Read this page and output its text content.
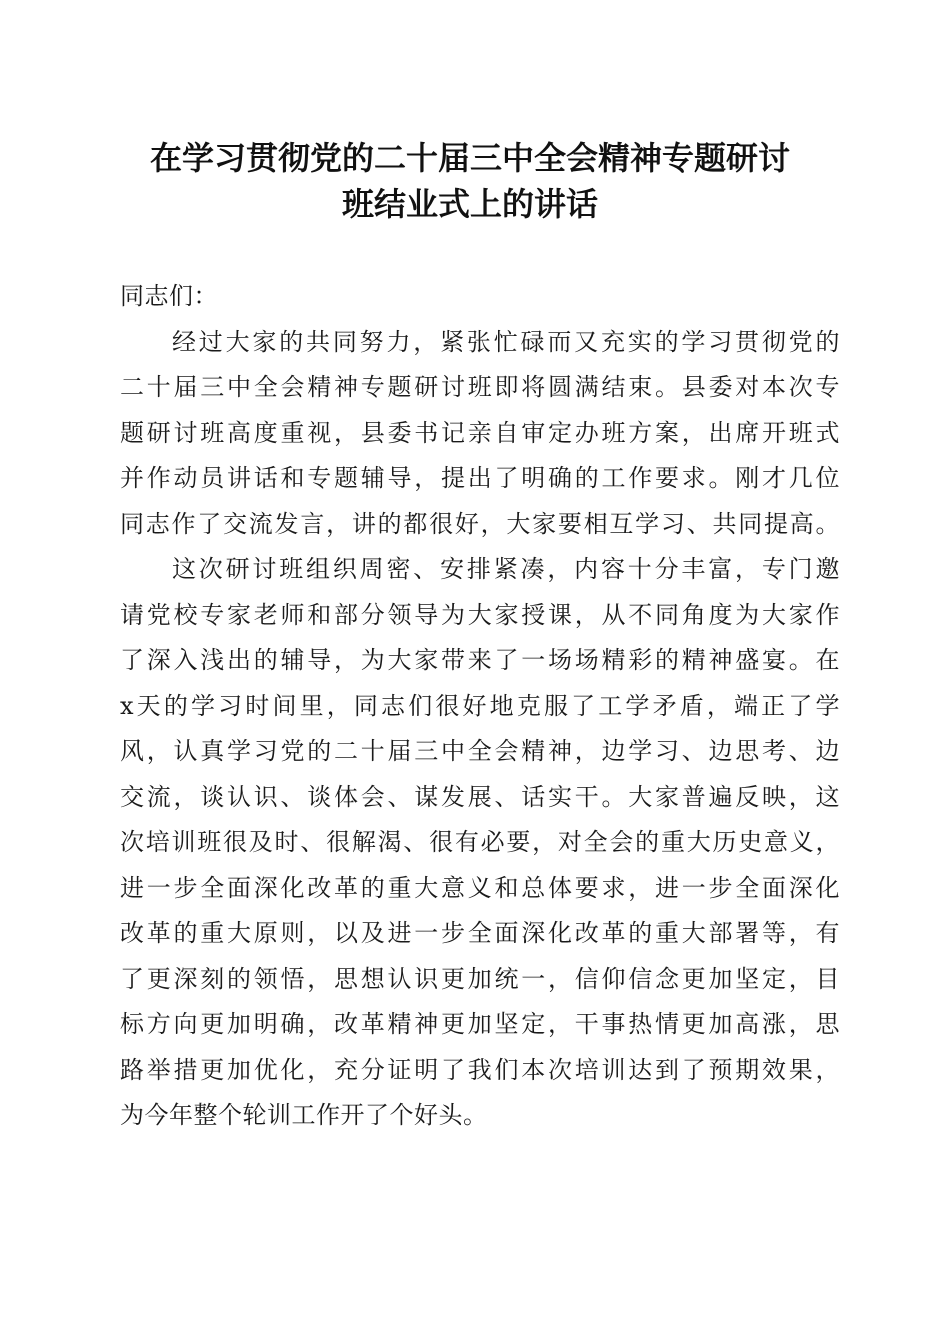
在学习贯彻党的二十届三中全会精神专题研讨
班结业式上的讲话
同志们：
经过大家的共同努力，紧张忙碌而又充实的学习贯彻党的
二十届三中全会精神专题研讨班即将圆满结束。县委对本次专
题研讨班高度重视，县委书记亲自审定办班方案，出席开班式
并作动员讲话和专题辅导，提出了明确的工作要求。刚才几位
同志作了交流发言，讲的都很好，大家要相互学习、共同提高。
这次研讨班组织周密、安排紧凑，内容十分丰富，专门邀
请党校专家老师和部分领导为大家授课，从不同角度为大家作
了深入浅出的辅导，为大家带来了一场场精彩的精神盛宴。在
x天的学习时间里，同志们很好地克服了工学矛盾，端正了学
风，认真学习党的二十届三中全会精神，边学习、边思考、边
交流，谈认识、谈体会、谋发展、话实干。大家普遍反映，这
次培训班很及时、很解渴、很有必要，对全会的重大历史意义，
进一步全面深化改革的重大意义和总体要求，进一步全面深化
改革的重大原则，以及进一步全面深化改革的重大部署等，有
了更深刻的领悟，思想认识更加统一，信仰信念更加坚定，目
标方向更加明确，改革精神更加坚定，干事热情更加高涨，思
路举措更加优化，充分证明了我们本次培训达到了预期效果，
为今年整个轮训工作开了个好头。
